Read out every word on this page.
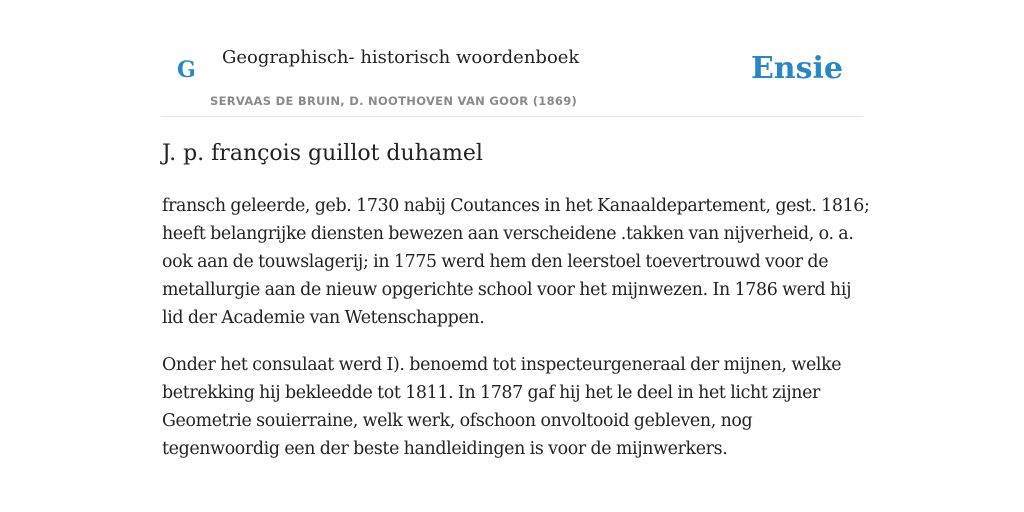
G Geographisch- historisch woordenboek
SERVAAS DE BRUIN, D. NOOTHOVEN VAN GOOR (1869)
Ensie
J. p. françois guillot duhamel

fransch geleerde, geb. 1730 nabij Coutances in het Kanaaldepartement, gest. 1816;
heeft belangrijke diensten bewezen aan verscheidene .takken van nijverheid, o. a.
ook aan de touwslagerij; in 1775 werd hem den leerstoel toevertrouwd voor de
metallurgie aan de nieuw opgerichte school voor het mijnwezen. In 1786 werd hij
lid der Academie van Wetenschappen.

Onder het consulaat werd I). benoemd tot inspecteurgeneraal der mijnen, welke
betrekking hij bekleedde tot 1811. In 1787 gaf hij het le deel in het licht zijner
Geometrie souierraine, welk werk, ofschoon onvoltooid gebleven, nog
tegenwoordig een der beste handleidingen is voor de mijnwerkers.
